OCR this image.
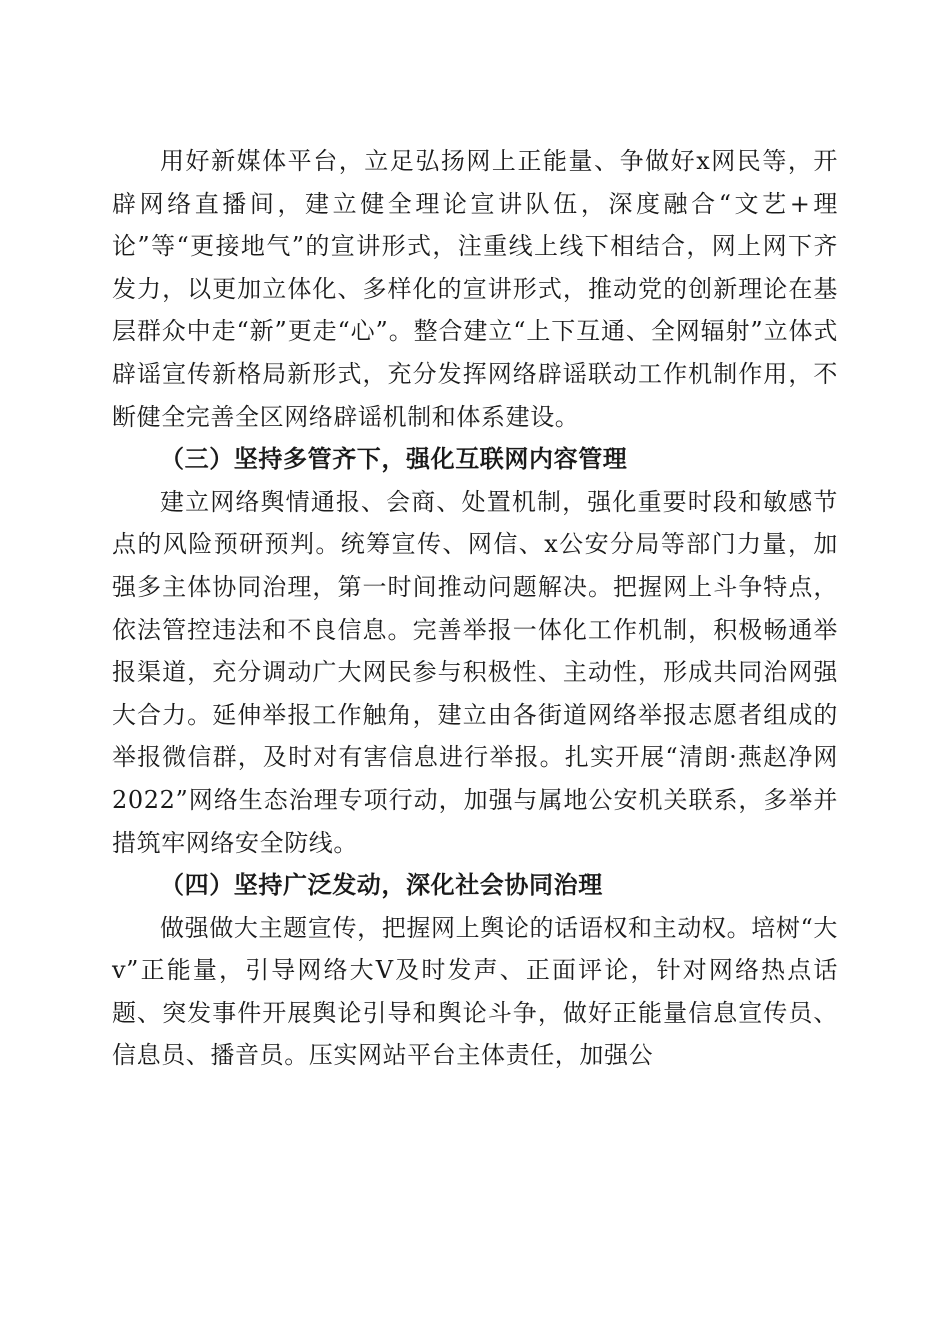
用好新媒体平台，立足弘扬网上正能量、争做好x网民等，开辟网络直播间，建立健全理论宣讲队伍，深度融合“文艺+理论”等“更接地气”的宣讲形式，注重线上线下相结合，网上网下齐发力，以更加立体化、多样化的宣讲形式，推动党的创新理论在基层群众中走“新”更走“心”。整合建立“上下互通、全网辐射”立体式辟谣宣传新格局新形式，充分发挥网络辟谣联动工作机制作用，不断健全完善全区网络辟谣机制和体系建设。

（三）坚持多管齐下，强化互联网内容管理

建立网络舆情通报、会商、处置机制，强化重要时段和敏感节点的风险预研预判。统筹宣传、网信、x公安分局等部门力量，加强多主体协同治理，第一时间推动问题解决。把握网上斗争特点，依法管控违法和不良信息。完善举报一体化工作机制，积极畅通举报渠道，充分调动广大网民参与积极性、主动性，形成共同治网强大合力。延伸举报工作触角，建立由各街道网络举报志愿者组成的举报微信群，及时对有害信息进行举报。扎实开展“清朗·燕赵净网2022”网络生态治理专项行动，加强与属地公安机关联系，多举并措筑牢网络安全防线。

（四）坚持广泛发动，深化社会协同治理

做强做大主题宣传，把握网上舆论的话语权和主动权。培树“大v”正能量，引导网络大V及时发声、正面评论，针对网络热点话题、突发事件开展舆论引导和舆论斗争，做好正能量信息宣传员、信息员、播音员。压实网站平台主体责任，加强公
